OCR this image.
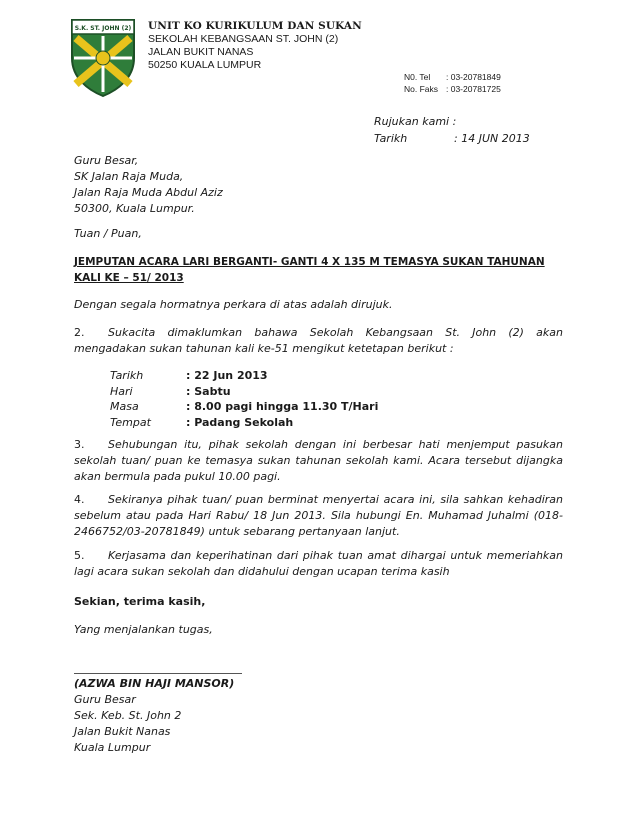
S.K. ST. JOHN (2) UNIT KO KURIKULUM DAN SUKAN
SEKOLAH KEBANGSAAN ST. JOHN (2)
JALAN BUKIT NANAS
50250 KUALA LUMPUR
N0. Tel : 03-20781849
No. Faks : 03-20781725
Rujukan kami :
Tarikh	: 14 JUN 2013
Guru Besar,
SK Jalan Raja Muda,
Jalan Raja Muda Abdul Aziz
50300, Kuala Lumpur.
Tuan / Puan,
JEMPUTAN ACARA LARI BERGANTI- GANTI 4 X 135 M TEMASYA SUKAN TAHUNAN
KALI KE – 51/ 2013
Dengan segala hormatnya perkara di atas adalah dirujuk.
2. Sukacita dimaklumkan bahawa Sekolah Kebangsaan St. John (2) akan mengadakan sukan tahunan kali ke-51 mengikut ketetapan berikut :
Tarikh	: 22 Jun 2013
Hari	: Sabtu
Masa	: 8.00 pagi hingga 11.30 T/Hari
Tempat	: Padang Sekolah
3. Sehubungan itu, pihak sekolah dengan ini berbesar hati menjemput pasukan sekolah tuan/ puan ke temasya sukan tahunan sekolah kami. Acara tersebut dijangka akan bermula pada pukul 10.00 pagi.
4. Sekiranya pihak tuan/ puan berminat menyertai acara ini, sila sahkan kehadiran sebelum atau pada Hari Rabu/ 18 Jun 2013. Sila hubungi En. Muhamad Juhalmi (018-2466752/03-20781849) untuk sebarang pertanyaan lanjut.
5. Kerjasama dan keperihatinan dari pihak tuan amat dihargai untuk memeriahkan lagi acara sukan sekolah dan didahului dengan ucapan terima kasih
Sekian, terima kasih,
Yang menjalankan tugas,
(AZWA BIN HAJI MANSOR)
Guru Besar
Sek. Keb. St. John 2
Jalan Bukit Nanas
Kuala Lumpur
